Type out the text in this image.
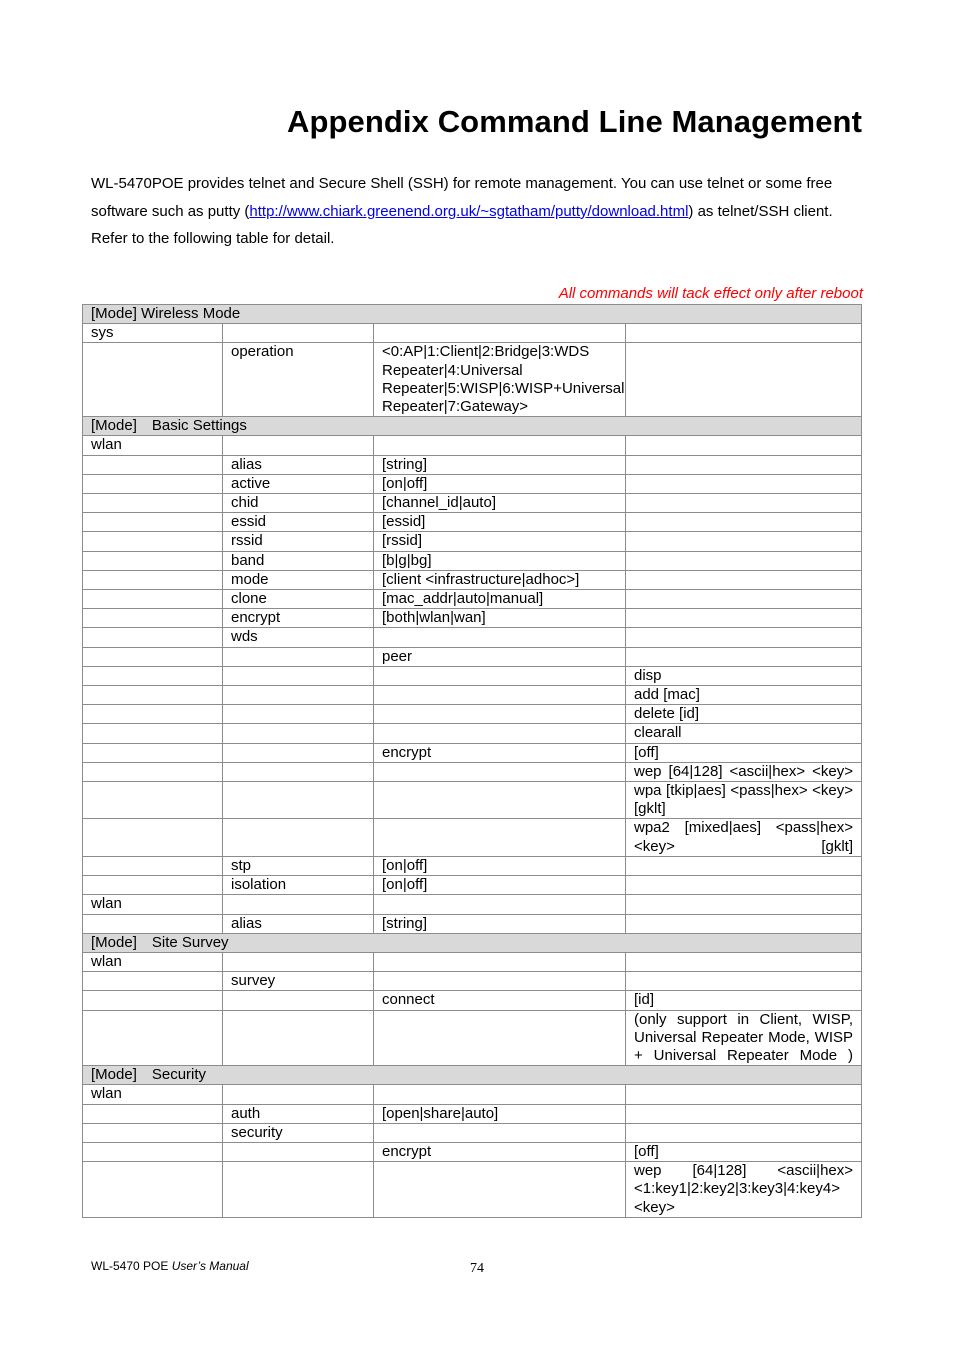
Appendix Command Line Management

WL-5470POE provides telnet and Secure Shell (SSH) for remote management. You can use telnet or some free software such as putty (http://www.chiark.greenend.org.uk/~sgtatham/putty/download.html) as telnet/SSH client.

Refer to the following table for detail.

All commands will tack effect only after reboot
[Mode] Wireless Mode			
sys			
	operation	<0:AP|1:Client|2:Bridge|3:WDS Repeater|4:Universal Repeater|5:WISP|6:WISP+Universal Repeater|7:Gateway>	
[Mode]　Basic Settings			
wlan			
	alias	[string]	
	active	[on|off]	
	chid	[channel_id|auto]	
	essid	[essid]	
	rssid	[rssid]	
	band	[b|g|bg]	
	mode	[client <infrastructure|adhoc>]	
	clone	[mac_addr|auto|manual]	
	encrypt	[both|wlan|wan]	
	wds		
		peer	
			disp
			add [mac]
			delete [id]
			clearall
		encrypt	[off]
			wep [64|128] <ascii|hex> <key>
			wpa [tkip|aes] <pass|hex> <key> [gklt]
			wpa2 [mixed|aes] <pass|hex> <key> [gklt]
	stp	[on|off]	
	isolation	[on|off]	
wlan			
	alias	[string]	
[Mode]　Site Survey			
wlan			
	survey		
		connect	[id]
			(only support in Client, WISP, Universal Repeater Mode, WISP + Universal Repeater Mode )
[Mode]　Security			
wlan			
	auth	[open|share|auto]	
	security		
		encrypt	[off]
			wep [64|128] <ascii|hex> <1:key1|2:key2|3:key3|4:key4> <key>
WL-5470 POE User’s Manual	74
